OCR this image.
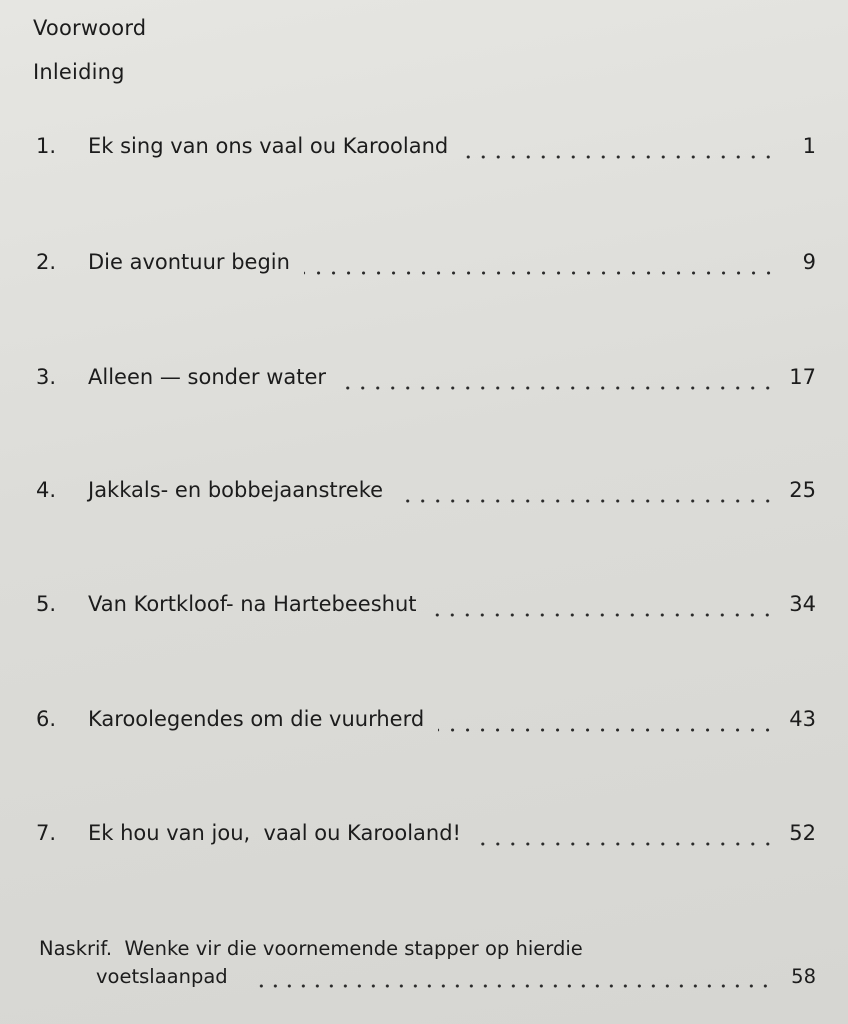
Voorwoord
Inleiding
1.	Ek sing van ons vaal ou Karooland	1
2.	Die avontuur begin	9
3.	Alleen — sonder water	17
4.	Jakkals- en bobbejaanstreke	25
5.	Van Kortkloof- na Hartebeeshut	34
6.	Karoolegendes om die vuurherd	43
7.	Ek hou van jou,  vaal ou Karooland!	52
Naskrif.  Wenke vir die voornemende stapper op hierdie
voetslaanpad	58
